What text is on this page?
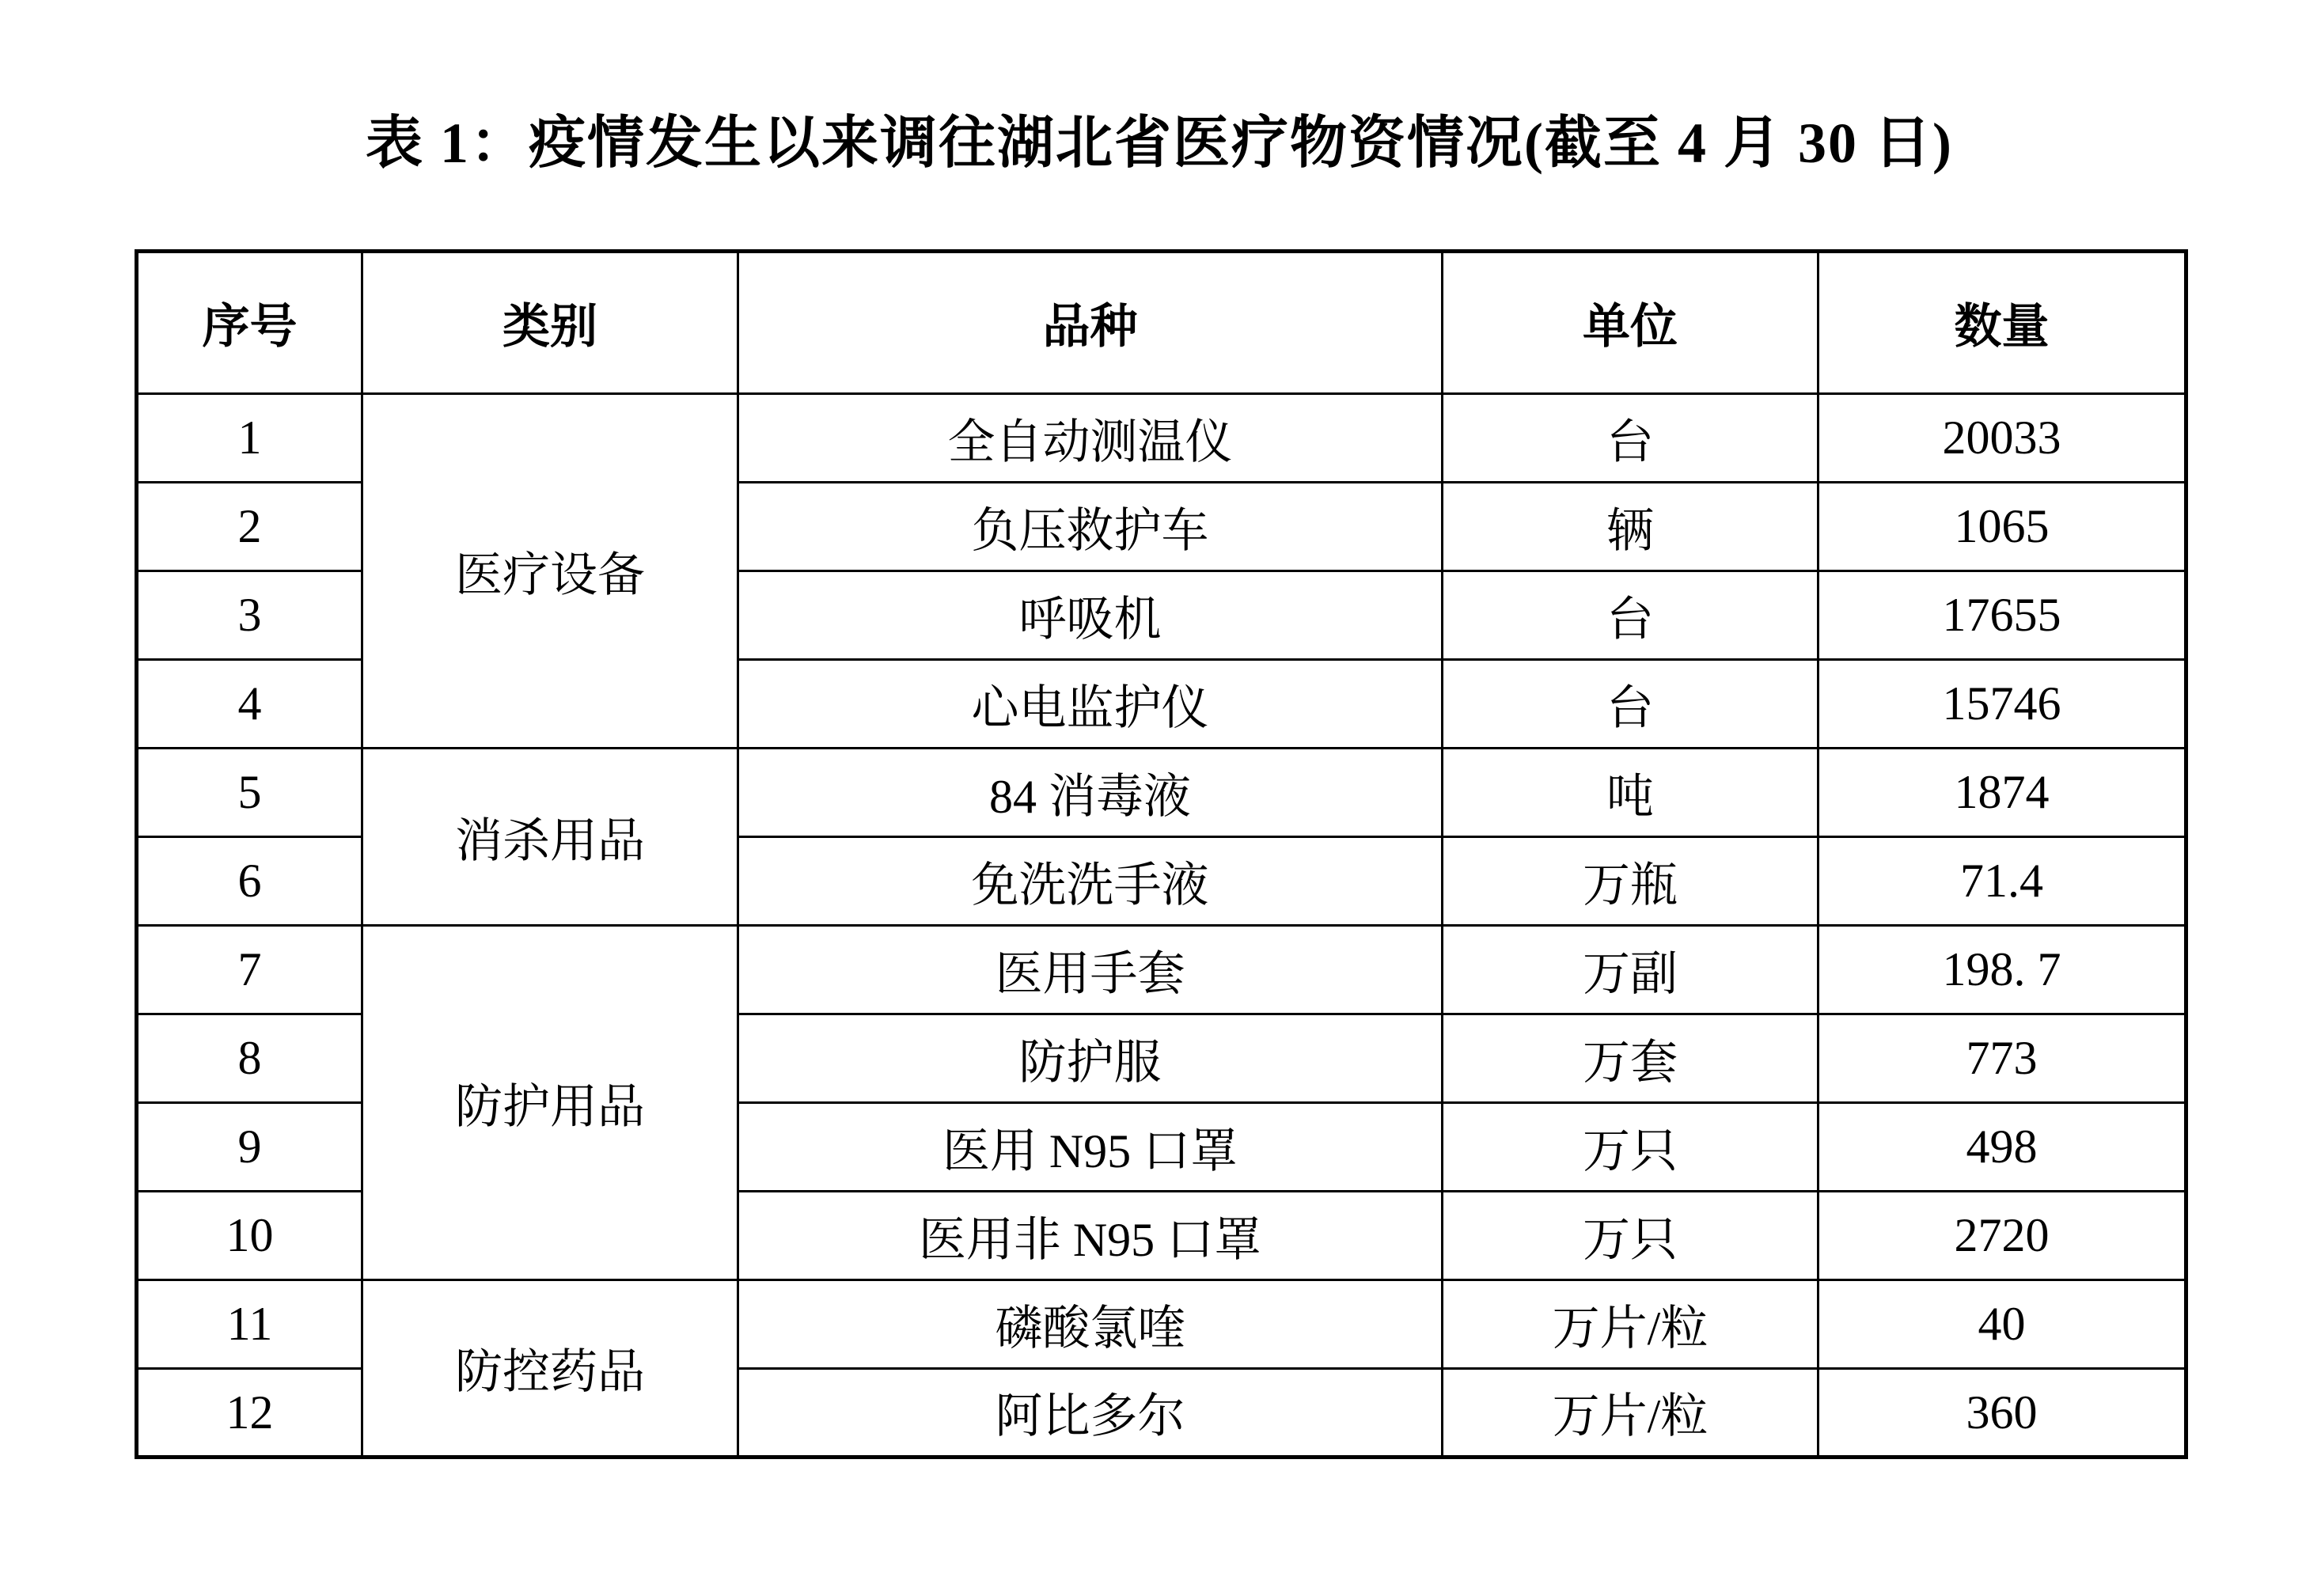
表 1：疫情发生以来调往湖北省医疗物资情况(截至 4 月 30 日)
序号	类别	品种	单位	数量
1	医疗设备	全自动测温仪	台	20033
2		负压救护车	辆	1065
3		呼吸机	台	17655
4		心电监护仪	台	15746
5	消杀用品	84 消毒液	吨	1874
6		免洗洗手液	万瓶	71.4
7	防护用品	医用手套	万副	198. 7
8		防护服	万套	773
9		医用 N95 口罩	万只	498
10		医用非 N95 口罩	万只	2720
11	防控药品	磷酸氯喹	万片/粒	40
12		阿比多尔	万片/粒	360
